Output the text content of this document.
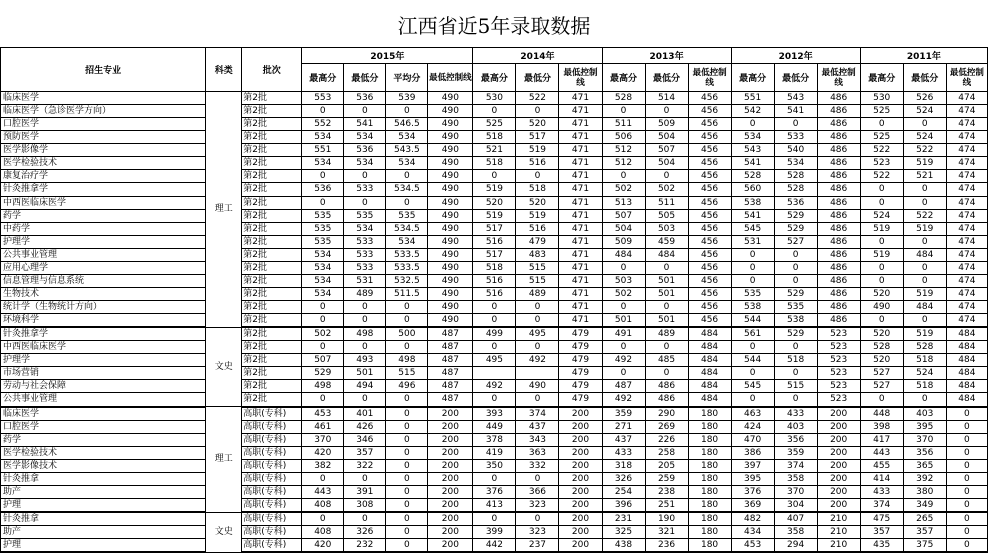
江西省近5年录取数据
招生专业	科类	批次	2015年				2014年			2013年			2012年			2011年		
			最高分	最低分	平均分	最低控制线	最高分	最低分	最低控制线	最高分	最低分	最低控制线	最高分	最低分	最低控制线	最高分	最低分	最低控制线
临床医学	理工	第2批	553	536	539	490	530	522	471	528	514	456	551	543	486	530	526	474
临床医学（急诊医学方向）		第2批	0	0	0	490	0	0	471	0	0	456	542	541	486	525	524	474
口腔医学		第2批	552	541	546.5	490	525	520	471	511	509	456	0	0	486	0	0	474
预防医学		第2批	534	534	534	490	518	517	471	506	504	456	534	533	486	525	524	474
医学影像学		第2批	551	536	543.5	490	521	519	471	512	507	456	543	540	486	522	522	474
医学检验技术		第2批	534	534	534	490	518	516	471	512	504	456	541	534	486	523	519	474
康复治疗学		第2批	0	0	0	490	0	0	471	0	0	456	528	528	486	522	521	474
针灸推拿学		第2批	536	533	534.5	490	519	518	471	502	502	456	560	528	486	0	0	474
中西医临床医学		第2批	0	0	0	490	520	520	471	513	511	456	538	536	486	0	0	474
药学		第2批	535	535	535	490	519	519	471	507	505	456	541	529	486	524	522	474
中药学		第2批	535	534	534.5	490	517	516	471	504	503	456	545	529	486	519	519	474
护理学		第2批	535	533	534	490	516	479	471	509	459	456	531	527	486	0	0	474
公共事业管理		第2批	534	533	533.5	490	517	483	471	484	484	456	0	0	486	519	484	474
应用心理学		第2批	534	533	533.5	490	518	515	471	0	0	456	0	0	486	0	0	474
信息管理与信息系统		第2批	534	531	532.5	490	516	515	471	503	501	456	0	0	486	0	0	474
生物技术		第2批	534	489	511.5	490	516	489	471	502	501	456	535	529	486	520	519	474
统计学（生物统计方向）		第2批	0	0	0	490	0	0	471	0	0	456	538	535	486	490	484	474
环境科学		第2批	0	0	0	490	0	0	471	501	501	456	544	538	486	0	0	474
针灸推拿学	文史	第2批	502	498	500	487	499	495	479	491	489	484	561	529	523	520	519	484
中西医临床医学		第2批	0	0	0	487	0	0	479	0	0	484	0	0	523	528	528	484
护理学		第2批	507	493	498	487	495	492	479	492	485	484	544	518	523	520	518	484
市场营销		第2批	529	501	515	487			479	0	0	484	0	0	523	527	524	484
劳动与社会保障		第2批	498	494	496	487	492	490	479	487	486	484	545	515	523	527	518	484
公共事业管理		第2批	0	0	0	487	0	0	479	492	486	484	0	0	523	0	0	484
临床医学	理工	高职(专科)	453	401	0	200	393	374	200	359	290	180	463	433	200	448	403	0
口腔医学		高职(专科)	461	426	0	200	449	437	200	271	269	180	424	403	200	398	395	0
药学		高职(专科)	370	346	0	200	378	343	200	437	226	180	470	356	200	417	370	0
医学检验技术		高职(专科)	420	357	0	200	419	363	200	433	258	180	386	359	200	443	356	0
医学影像技术		高职(专科)	382	322	0	200	350	332	200	318	205	180	397	374	200	455	365	0
针灸推拿		高职(专科)	0	0	0	200	0	0	200	326	259	180	395	358	200	414	392	0
助产		高职(专科)	443	391	0	200	376	366	200	254	238	180	376	370	200	433	380	0
护理		高职(专科)	408	308	0	200	413	323	200	396	251	180	369	304	200	374	349	0
针灸推拿	文史	高职(专科)	0	0	0	200	0	0	200	231	190	180	482	407	210	475	265	0
助产		高职(专科)	408	326	0	200	399	323	200	325	321	180	434	358	210	357	357	0
护理		高职(专科)	420	232	0	200	442	237	200	438	236	180	453	294	210	435	375	0
